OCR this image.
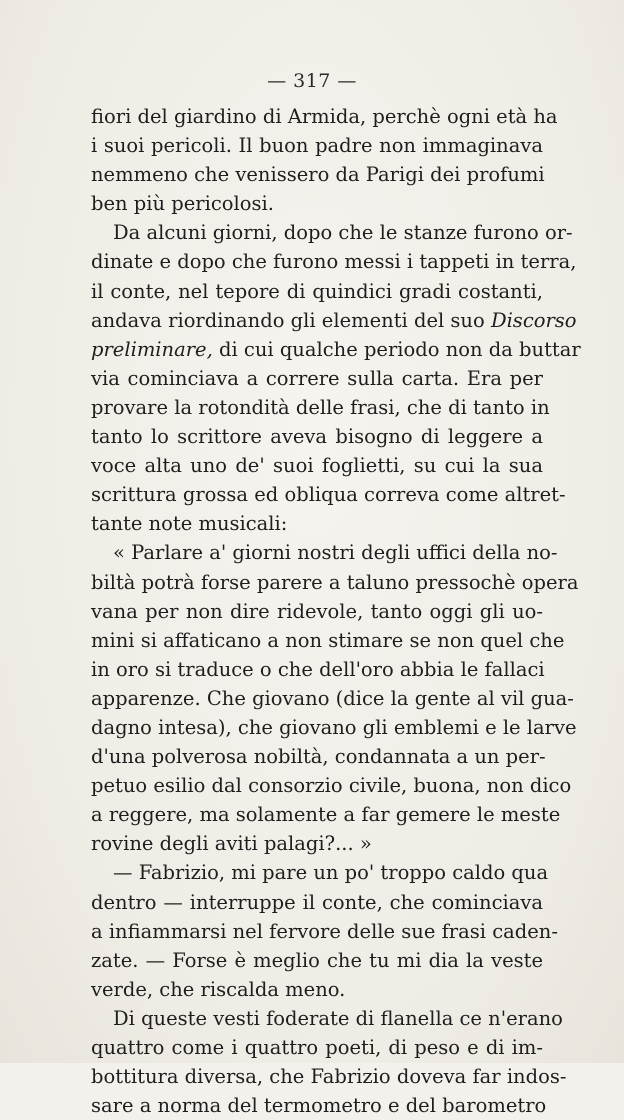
— 317 —
fiori del giardino di Armida, perchè ogni età ha
i suoi pericoli. Il buon padre non immaginava
nemmeno che venissero da Parigi dei profumi
ben più pericolosi.
Da alcuni giorni, dopo che le stanze furono or-
dinate e dopo che furono messi i tappeti in terra,
il conte, nel tepore di quindici gradi costanti,
andava riordinando gli elementi del suo Discorso
preliminare, di cui qualche periodo non da buttar
via cominciava a correre sulla carta. Era per
provare la rotondità delle frasi, che di tanto in
tanto lo scrittore aveva bisogno di leggere a
voce alta uno de' suoi foglietti, su cui la sua
scrittura grossa ed obliqua correva come altret-
tante note musicali:
« Parlare a' giorni nostri degli uffici della no-
biltà potrà forse parere a taluno pressochè opera
vana per non dire ridevole, tanto oggi gli uo-
mini si affaticano a non stimare se non quel che
in oro si traduce o che dell'oro abbia le fallaci
apparenze. Che giovano (dice la gente al vil gua-
dagno intesa), che giovano gli emblemi e le larve
d'una polverosa nobiltà, condannata a un per-
petuo esilio dal consorzio civile, buona, non dico
a reggere, ma solamente a far gemere le meste
rovine degli aviti palagi?... »
— Fabrizio, mi pare un po' troppo caldo qua
dentro — interruppe il conte, che cominciava
a infiammarsi nel fervore delle sue frasi caden-
zate. — Forse è meglio che tu mi dia la veste
verde, che riscalda meno.
Di queste vesti foderate di flanella ce n'erano
quattro come i quattro poeti, di peso e di im-
bottitura diversa, che Fabrizio doveva far indos-
sare a norma del termometro e del barometro
